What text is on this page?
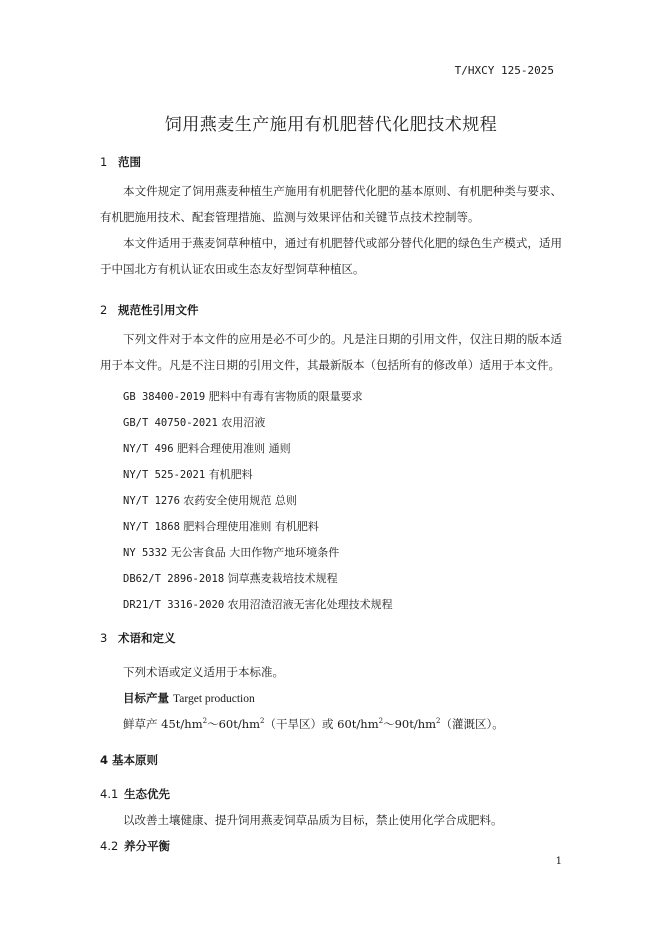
T/HXCY 125-2025
饲用燕麦生产施用有机肥替代化肥技术规程
1 范围
本文件规定了饲用燕麦种植生产施用有机肥替代化肥的基本原则、有机肥种类与要求、有机肥施用技术、配套管理措施、监测与效果评估和关键节点技术控制等。
本文件适用于燕麦饲草种植中，通过有机肥替代或部分替代化肥的绿色生产模式，适用于中国北方有机认证农田或生态友好型饲草种植区。
2 规范性引用文件
下列文件对于本文件的应用是必不可少的。凡是注日期的引用文件，仅注日期的版本适用于本文件。凡是不注日期的引用文件，其最新版本（包括所有的修改单）适用于本文件。
GB 38400-2019 肥料中有毒有害物质的限量要求
GB/T 40750-2021 农用沼液
NY/T 496 肥料合理使用准则 通则
NY/T 525-2021 有机肥料
NY/T 1276 农药安全使用规范 总则
NY/T 1868 肥料合理使用准则 有机肥料
NY 5332 无公害食品 大田作物产地环境条件
DB62/T 2896-2018 饲草燕麦栽培技术规程
DR21/T 3316-2020 农用沼渣沼液无害化处理技术规程
3 术语和定义
下列术语或定义适用于本标准。
目标产量 Target production
鲜草产 $45t/hm^2\sim 60t/hm^2$（干旱区）或 $60t/hm^2\sim 90t/hm^2$（灌溉区）。
4 基本原则
4.1 生态优先
以改善土壤健康、提升饲用燕麦饲草品质为目标，禁止使用化学合成肥料。
4.2 养分平衡
1
